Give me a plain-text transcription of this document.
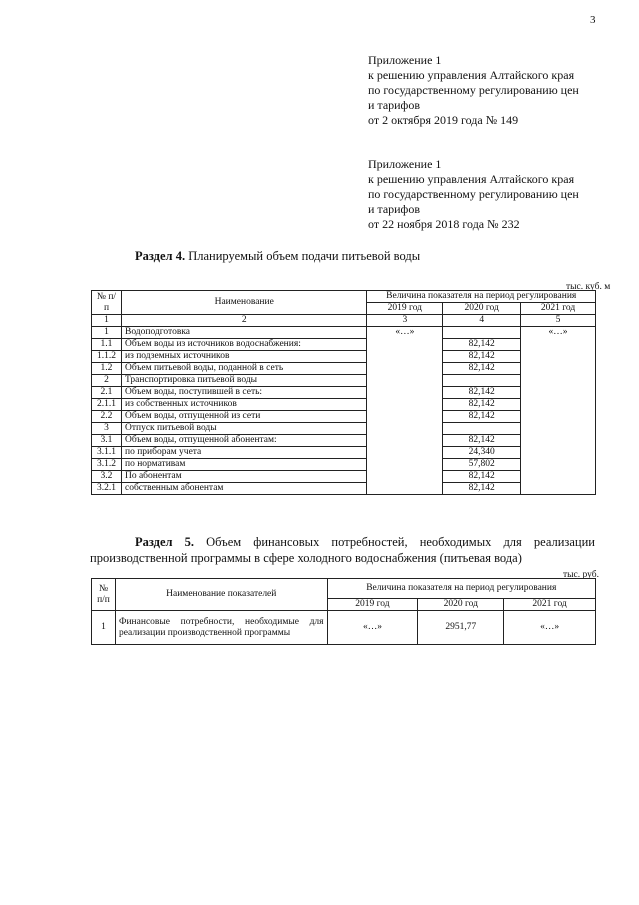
3
Приложение 1
к решению управления Алтайского края
по государственному регулированию цен
и тарифов
от 2 октября 2019 года № 149
Приложение 1
к решению управления Алтайского края
по государственному регулированию цен
и тарифов
от 22 ноября 2018 года № 232
Раздел 4. Планируемый объем подачи питьевой воды
тыс. куб. м
№ п/п	Наименование	Величина показателя на период регулирования		
		2019 год	2020 год	2021 год
1	2	3	4	5
1	Водоподготовка	«…»		«…»
1.1	Объем воды из источников водоснабжения:		82,142	
1.1.2	из подземных источников		82,142	
1.2	Объем питьевой воды, поданной в сеть		82,142	
2	Транспортировка питьевой воды			
2.1	Объем воды, поступившей в сеть:		82,142	
2.1.1	из собственных источников		82,142	
2.2	Объем воды, отпущенной из сети		82,142	
3	Отпуск питьевой воды			
3.1	Объем воды, отпущенной абонентам:		82,142	
3.1.1	по приборам учета		24,340	
3.1.2	по нормативам		57,802	
3.2	По абонентам		82,142	
3.2.1	собственным абонентам		82,142	
Раздел 5. Объем финансовых потребностей, необходимых для реализации производственной программы в сфере холодного водоснабжения (питьевая вода)
тыс. руб.
№ п/п	Наименование показателей	Величина показателя на период регулирования		
		2019 год	2020 год	2021 год
1	Финансовые потребности, необходимые для реализации производственной программы	«…»	2951,77	«…»
